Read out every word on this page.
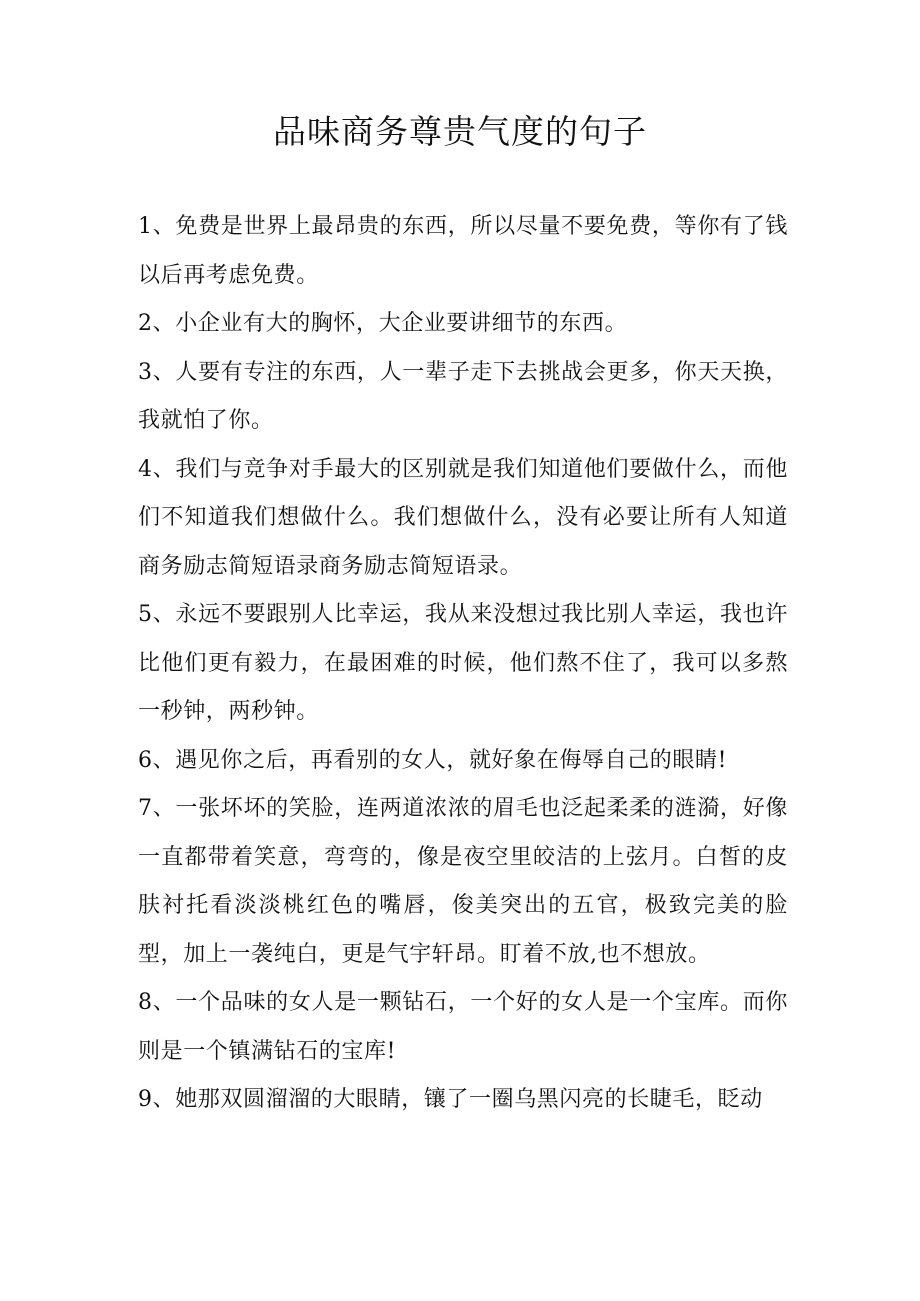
品味商务尊贵气度的句子

1、免费是世界上最昂贵的东西，所以尽量不要免费，等你有了钱以后再考虑免费。

2、小企业有大的胸怀，大企业要讲细节的东西。

3、人要有专注的东西，人一辈子走下去挑战会更多，你天天换，我就怕了你。

4、我们与竞争对手最大的区别就是我们知道他们要做什么，而他们不知道我们想做什么。我们想做什么，没有必要让所有人知道商务励志简短语录商务励志简短语录。

5、永远不要跟别人比幸运，我从来没想过我比别人幸运，我也许比他们更有毅力，在最困难的时候，他们熬不住了，我可以多熬一秒钟，两秒钟。

6、遇见你之后，再看别的女人，就好象在侮辱自己的眼睛!

7、一张坏坏的笑脸，连两道浓浓的眉毛也泛起柔柔的涟漪，好像一直都带着笑意，弯弯的，像是夜空里皎洁的上弦月。白皙的皮肤衬托看淡淡桃红色的嘴唇，俊美突出的五官，极致完美的脸型，加上一袭纯白，更是气宇轩昂。盯着不放,也不想放。

8、一个品味的女人是一颗钻石，一个好的女人是一个宝库。而你则是一个镇满钻石的宝库!

9、她那双圆溜溜的大眼睛，镶了一圈乌黑闪亮的长睫毛，眨动
